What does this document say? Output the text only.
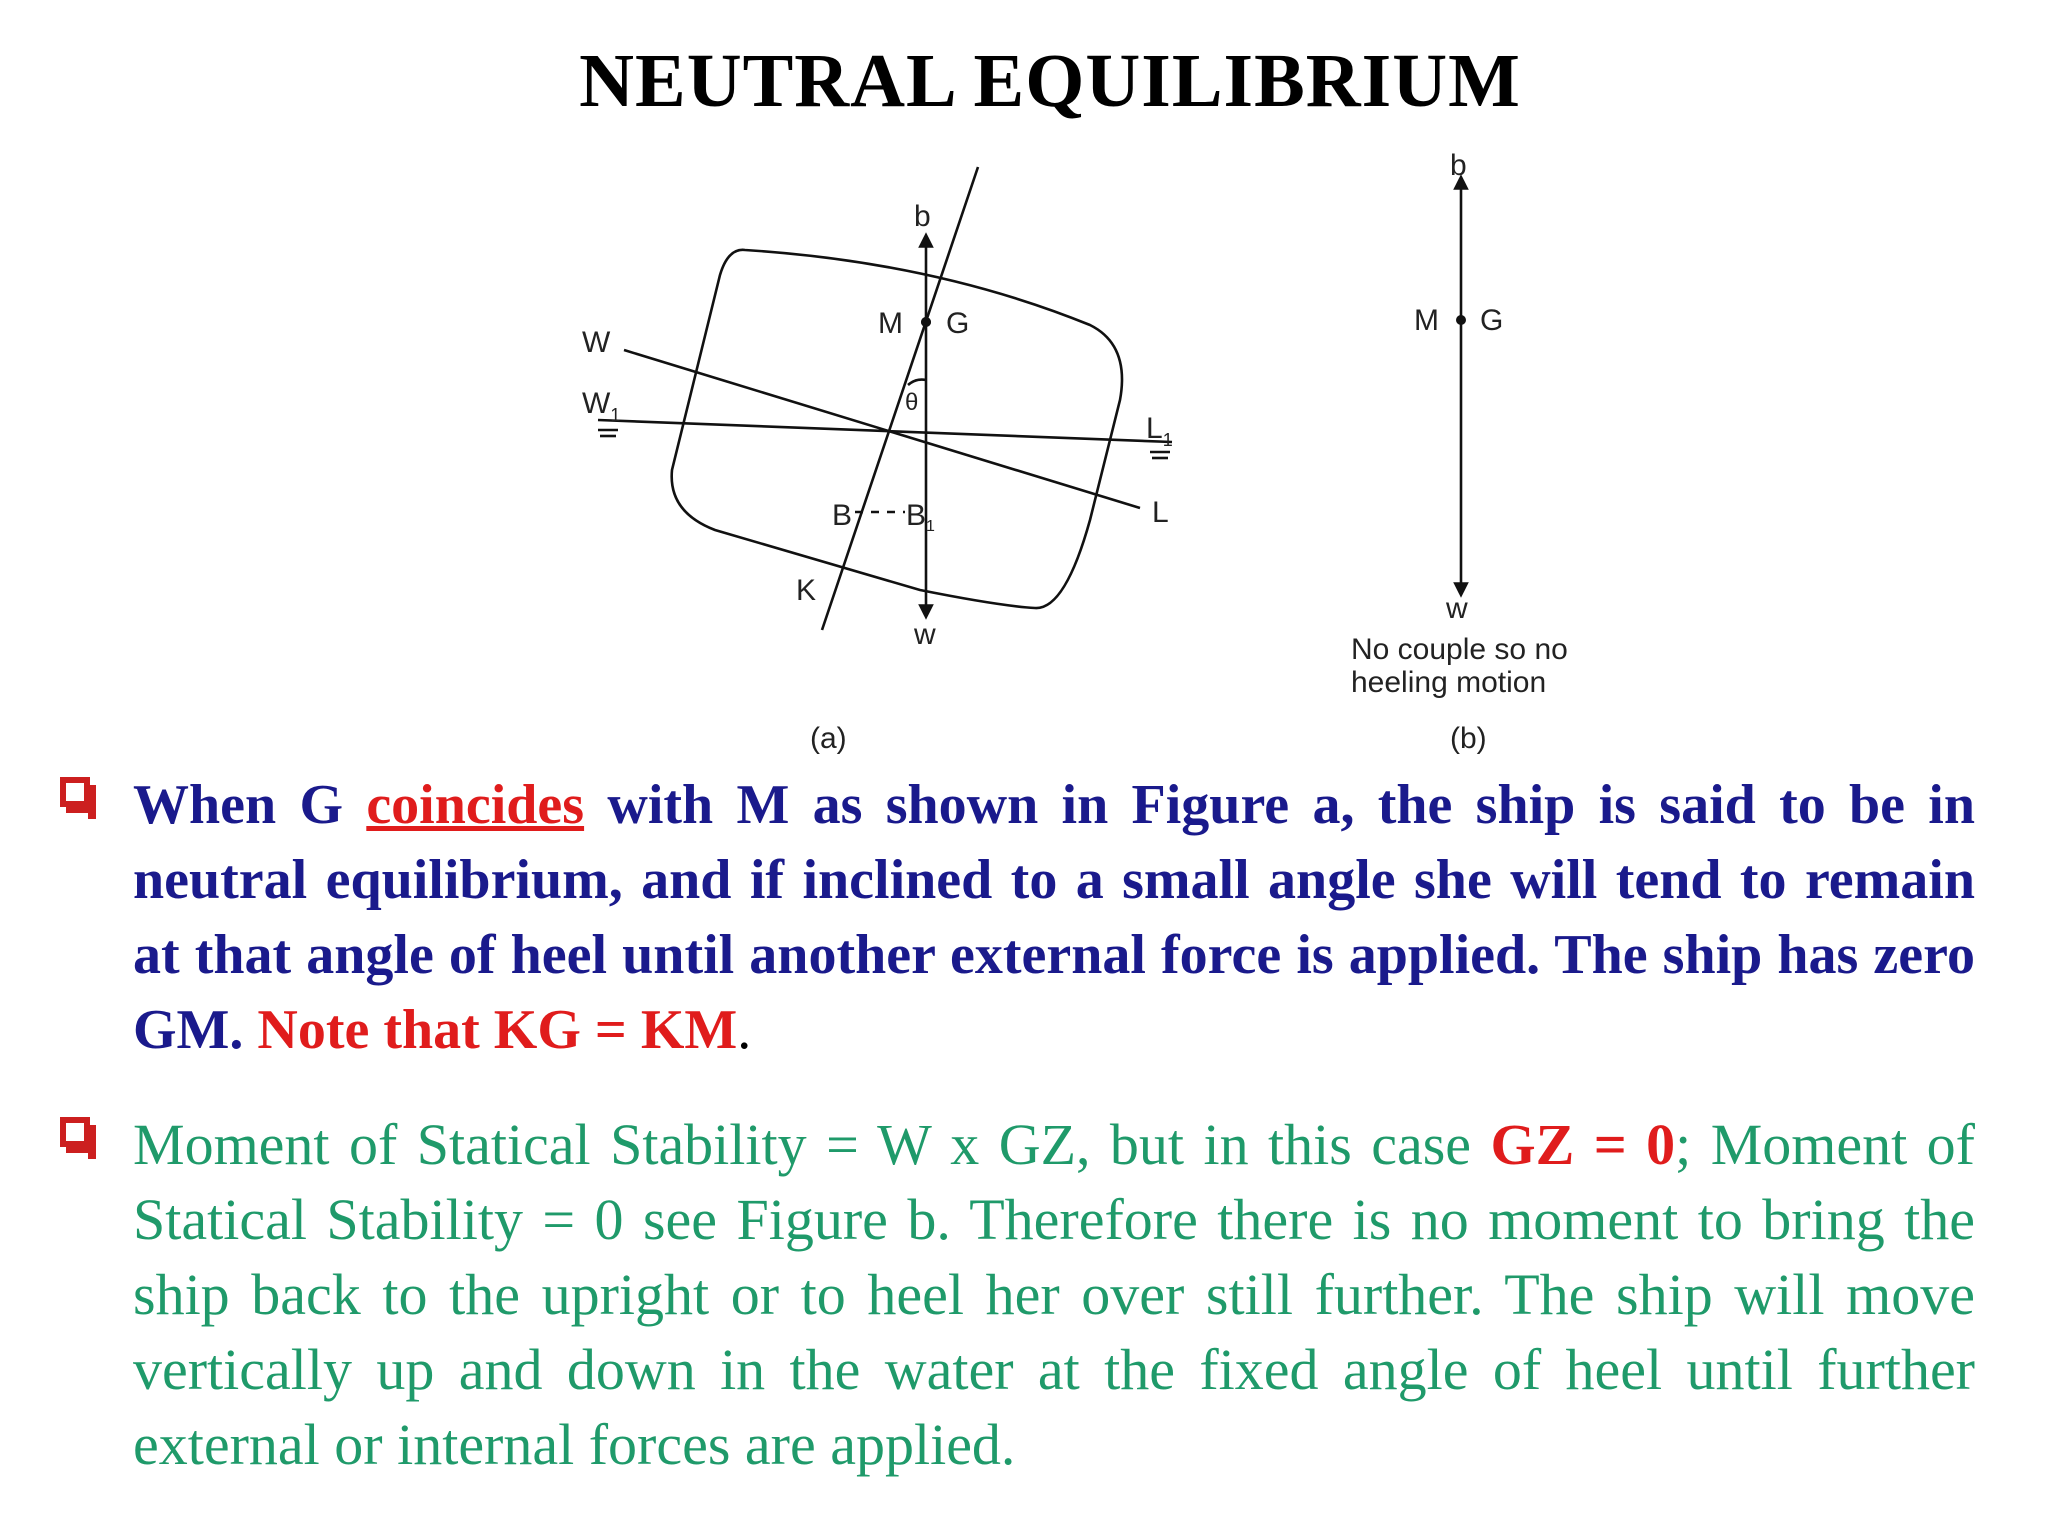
NEUTRAL EQUILIBRIUM
b
M G
W
$W_1$	θ
$L_1$
L
B $B_1$
K
w
(a)
b
M G
w
No couple so no
heeling motion
(b)
When G coincides with M as shown in Figure a, the ship is said to be in neutral equilibrium, and if inclined to a small angle she will tend to remain at that angle of heel until another external force is applied. The ship has zero GM. Note that KG = KM.
Moment of Statical Stability = W x GZ, but in this case GZ = 0; Moment of Statical Stability = 0 see Figure b. Therefore there is no moment to bring the ship back to the upright or to heel her over still further. The ship will move vertically up and down in the water at the fixed angle of heel until further external or internal forces are applied.
